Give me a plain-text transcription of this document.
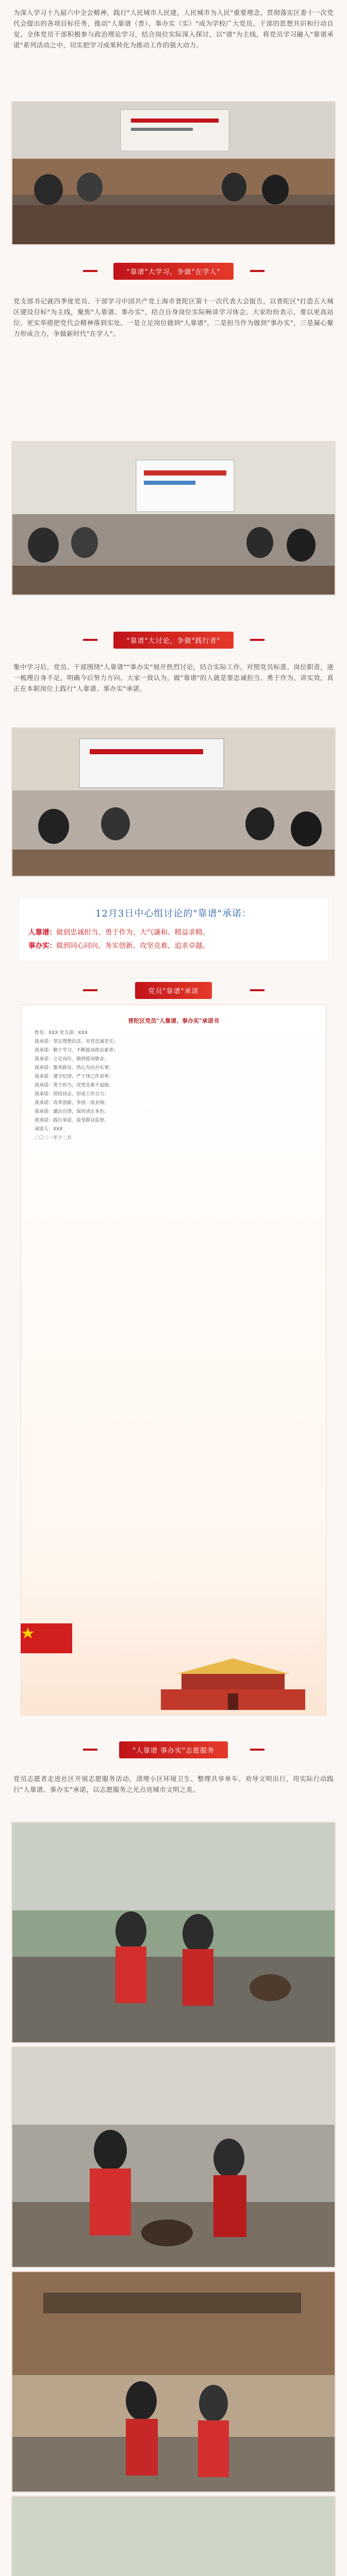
为深入学习十九届六中全会精神，践行"人民城市人民建，人民城市为人民"重要理念，贯彻落实区委十一次党代会提出的各项目标任务，推动"人靠谱（普）、事办实（实）"成为学校广大党员、干部的思想共识和行动自觉，全体党员干部积极参与政治理论学习，结合岗位实际深入探讨，以"谱"为主线，将党员学习融入"靠谱承诺"系列活动之中，切实把学习成果转化为推动工作的强大动力。

"靠谱"大学习，争做"在学人"

党支部书记就四季度党员、干部学习中国共产党上海市普陀区第十一次代表大会报告，以普陀区"打造五大城区建设目标"为主线，聚焦"人靠谱、事办实"，结合自身岗位实际畅谈学习体会。大家纷纷表示，要以更高站位、更实举措把党代会精神落到实处。一是立足岗位做到"人靠谱"，二是担当作为做到"事办实"，三是凝心聚力形成合力，争做新时代"在学人"。

"靠谱"大讨论，争做"践行者"

集中学习后，党员、干部围绕"人靠谱""事办实"展开热烈讨论，结合实际工作，对照党员标准、岗位职责，逐一梳理自身不足，明确今后努力方向。大家一致认为，做"靠谱"的人就是要忠诚担当、勇于作为、讲实效，真正在本职岗位上践行"人靠谱、事办实"承诺。

12月3日中心组讨论的"靠谱"承诺：
人靠谱：做到忠诚担当、勇于作为、大气谦和、精益求精。
事办实：做到同心同向、务实创新、攻坚克难、追求卓越。
党员"靠谱"承诺
普陀区党员"人靠谱、事办实"承诺书
姓名：XXX 党支部：XXX
我承诺：坚定理想信念，对党忠诚老实；
我承诺：勤于学习，不断提高政治素养；
我承诺：立足岗位，做到爱岗敬业；
我承诺：服务群众，热心为民办实事；
我承诺：遵守纪律，严于律己作表率；
我承诺：勇于担当，攻坚克难不退缩；
我承诺：团结同志，形成工作合力；
我承诺：改革创新，争创一流业绩；
我承诺：廉洁自律，保持清正本色；
我承诺：践行承诺，接受群众监督。
承诺人：XXX
二〇二一年十二月
"人靠谱 事办实"志愿服务

党员志愿者走进社区开展志愿服务活动，清理小区环境卫生、整理共享单车、劝导文明出行，用实际行动践行"人靠谱、事办实"承诺，以志愿服务之光点亮城市文明之美。
